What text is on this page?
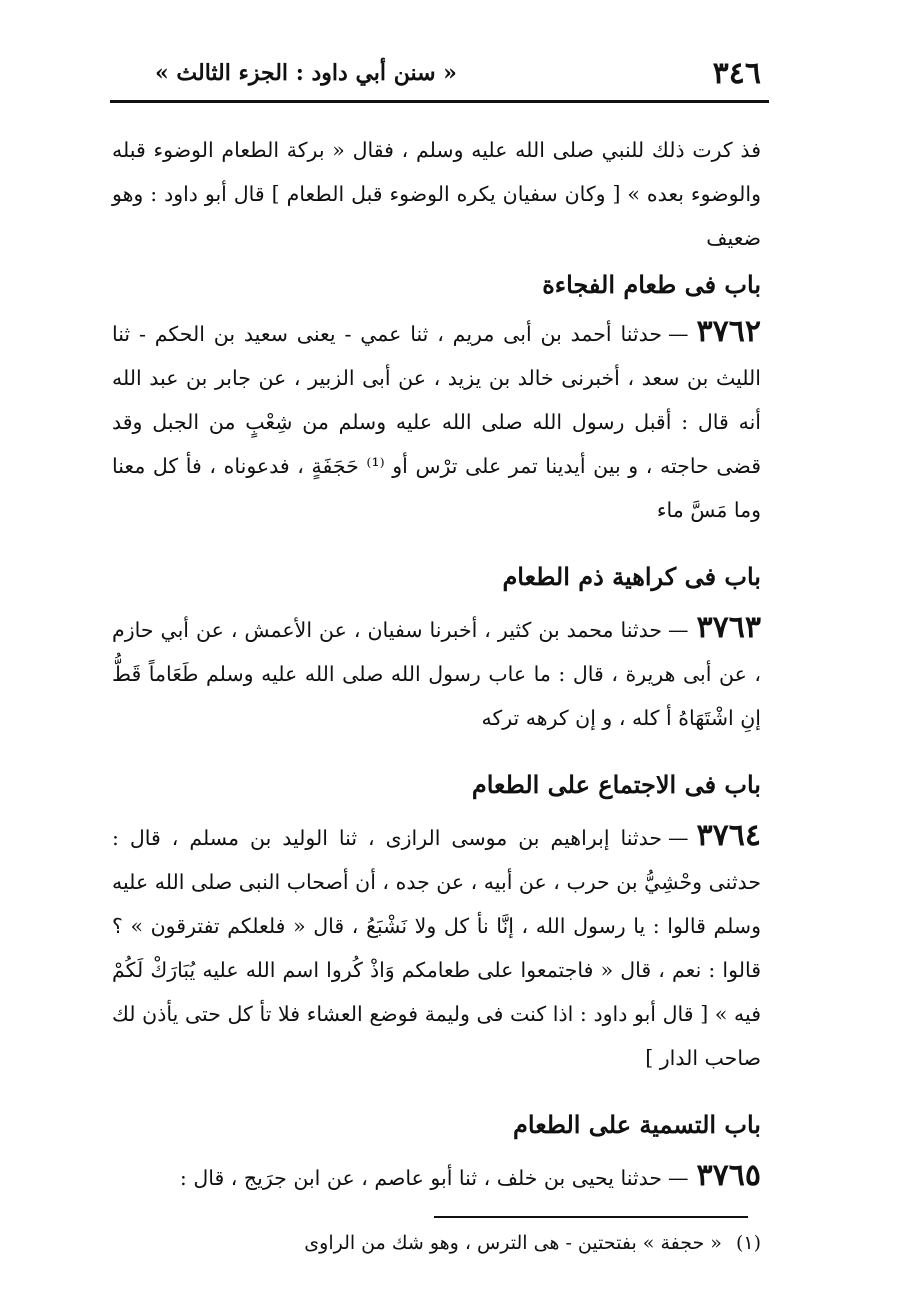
٣٤٦
« سنن أبي داود : الجزء الثالث »

فذ كرت ذلك للنبي صلى الله عليه وسلم ، فقال « بركة الطعام الوضوء قبله والوضوء بعده » [ وكان سفيان يكره الوضوء قبل الطعام ] قال أبو داود : وهو ضعيف

باب فى طعام الفجاءة

٣٧٦٢—حدثنا أحمد بن أبى مريم ، ثنا عمي - يعنى سعيد بن الحكم - ثنا الليث بن سعد ، أخبرنى خالد بن يزيد ، عن أبى الزبير ، عن جابر بن عبد الله أنه قال : أقبل رسول الله صلى الله عليه وسلم من شِعْبٍ من الجبل وقد قضى حاجته ، و بين أيدينا تمر على ترْس أو ⁽¹⁾ حَجَفَةٍ ، فدعوناه ، فأ كل معنا وما مَسَّ ماء

باب فى كراهية ذم الطعام

٣٧٦٣—حدثنا محمد بن كثير ، أخبرنا سفيان ، عن الأعمش ، عن أبي حازم ، عن أبى هريرة ، قال : ما عاب رسول الله صلى الله عليه وسلم طَعَاماً قَطُّ إنِ اشْتَهَاهُ أ كله ، و إن كرهه تركه

باب فى الاجتماع على الطعام

٣٧٦٤—حدثنا إبراهيم بن موسى الرازى ، ثنا الوليد بن مسلم ، قال : حدثنى وحْشِيُّ بن حرب ، عن أبيه ، عن جده ، أن أصحاب النبى صلى الله عليه وسلم قالوا : يا رسول الله ، إنَّا نأ كل ولا نَشْبَعُ ، قال « فلعلكم تفترقون » ؟ قالوا : نعم ، قال « فاجتمعوا على طعامكم وَاذْ كُروا اسم الله عليه يُبَارَكْ لَكُمْ فيه » [ قال أبو داود : اذا كنت فى وليمة فوضع العشاء فلا تأ كل حتى يأذن لك صاحب الدار ]

باب التسمية على الطعام

٣٧٦٥—حدثنا يحيى بن خلف ، ثنا أبو عاصم ، عن ابن جرَيج ، قال :

(١)« حجفة » بفتحتين - هى الترس ، وهو شك من الراوى
